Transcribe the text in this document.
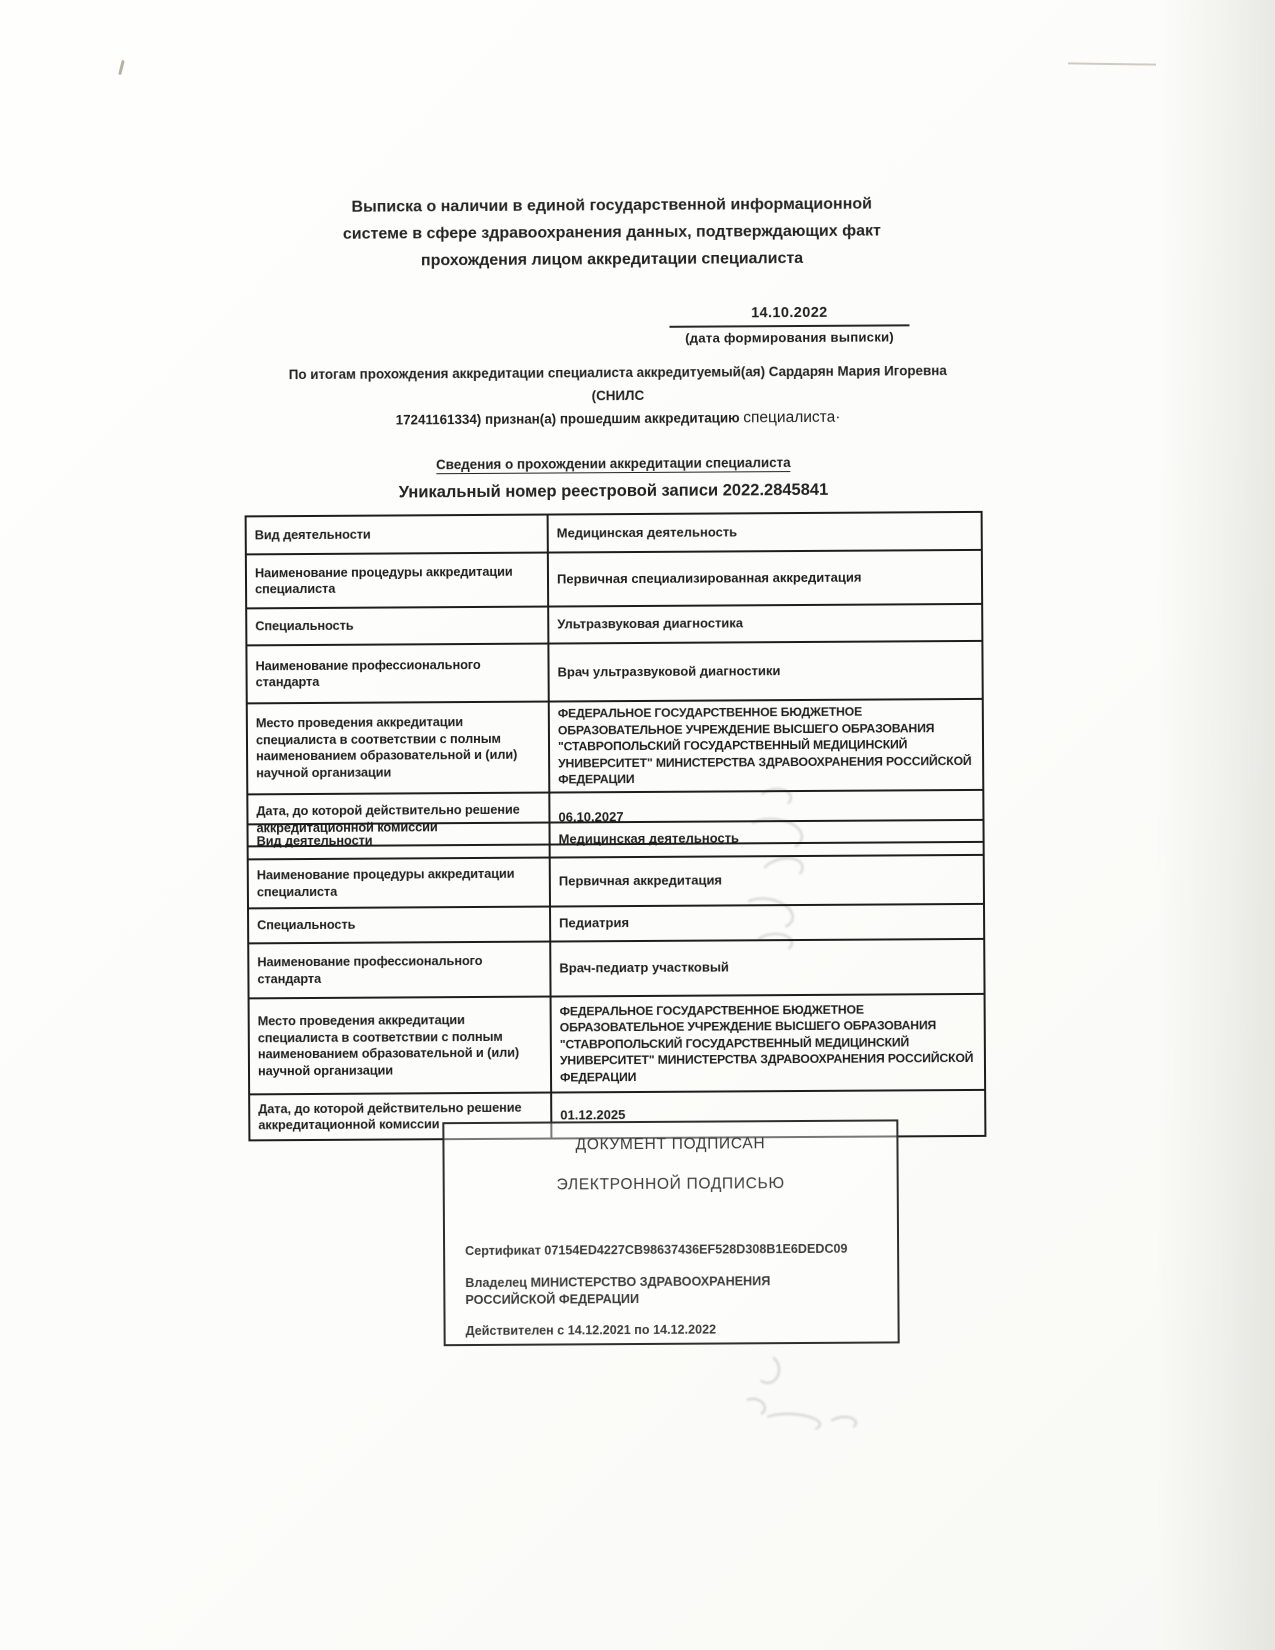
Выписка о наличии в единой государственной информационной
системе в сфере здравоохранения данных, подтверждающих факт
прохождения лицом аккредитации специалиста
14.10.2022
(дата формирования выписки)
По итогам прохождения аккредитации специалиста аккредитуемый(ая) Сардарян Мария Игоревна (СНИЛС
17241161334) признан(а) прошедшим аккредитацию специалиста·
Сведения о прохождении аккредитации специалиста
Уникальный номер реестровой записи 2022.2845841
Вид деятельности	Медицинская деятельность
Наименование процедуры аккредитации специалиста	Первичная специализированная аккредитация
Специальность	Ультразвуковая диагностика
Наименование профессионального стандарта	Врач ультразвуковой диагностики
Место проведения аккредитации специалиста в соответствии с полным наименованием образовательной и (или) научной организации	ФЕДЕРАЛЬНОЕ ГОСУДАРСТВЕННОЕ БЮДЖЕТНОЕ ОБРАЗОВАТЕЛЬНОЕ УЧРЕЖДЕНИЕ ВЫСШЕГО ОБРАЗОВАНИЯ "СТАВРОПОЛЬСКИЙ ГОСУДАРСТВЕННЫЙ МЕДИЦИНСКИЙ УНИВЕРСИТЕТ" МИНИСТЕРСТВА ЗДРАВООХРАНЕНИЯ РОССИЙСКОЙ ФЕДЕРАЦИИ
Дата, до которой действительно решение аккредитационной комиссии	06.10.2027
Вид деятельности	Медицинская деятельность
Наименование процедуры аккредитации специалиста	Первичная аккредитация
Специальность	Педиатрия
Наименование профессионального стандарта	Врач-педиатр участковый
Место проведения аккредитации специалиста в соответствии с полным наименованием образовательной и (или) научной организации	ФЕДЕРАЛЬНОЕ ГОСУДАРСТВЕННОЕ БЮДЖЕТНОЕ ОБРАЗОВАТЕЛЬНОЕ УЧРЕЖДЕНИЕ ВЫСШЕГО ОБРАЗОВАНИЯ "СТАВРОПОЛЬСКИЙ ГОСУДАРСТВЕННЫЙ МЕДИЦИНСКИЙ УНИВЕРСИТЕТ" МИНИСТЕРСТВА ЗДРАВООХРАНЕНИЯ РОССИЙСКОЙ ФЕДЕРАЦИИ
Дата, до которой действительно решение аккредитационной комиссии	01.12.2025
ДОКУМЕНТ ПОДПИСАН
ЭЛЕКТРОННОЙ ПОДПИСЬЮ
Сертификат 07154ED4227CB98637436EF528D308B1E6DEDC09
Владелец МИНИСТЕРСТВО ЗДРАВООХРАНЕНИЯ РОССИЙСКОЙ ФЕДЕРАЦИИ
Действителен с 14.12.2021 по 14.12.2022
